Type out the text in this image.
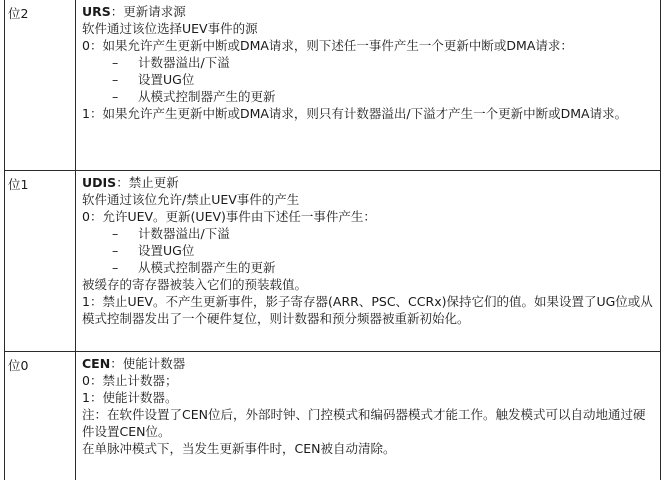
位2	URS：更新请求源
软件通过该位选择UEV事件的源
0：如果允许产生更新中断或DMA请求，则下述任一事件产生一个更新中断或DMA请求：
–	计数器溢出/下溢
–	设置UG位
–	从模式控制器产生的更新
1：如果允许产生更新中断或DMA请求，则只有计数器溢出/下溢才产生一个更新中断或DMA请求。
位1	UDIS：禁止更新
软件通过该位允许/禁止UEV事件的产生
0：允许UEV。更新(UEV)事件由下述任一事件产生：
–	计数器溢出/下溢
–	设置UG位
–	从模式控制器产生的更新
被缓存的寄存器被装入它们的预装载值。
1：禁止UEV。不产生更新事件，影子寄存器(ARR、PSC、CCRx)保持它们的值。如果设置了UG位或从模式控制器发出了一个硬件复位，则计数器和预分频器被重新初始化。
位0	CEN：使能计数器
0：禁止计数器；
1：使能计数器。
注：在软件设置了CEN位后，外部时钟、门控模式和编码器模式才能工作。触发模式可以自动地通过硬件设置CEN位。
在单脉冲模式下，当发生更新事件时，CEN被自动清除。
